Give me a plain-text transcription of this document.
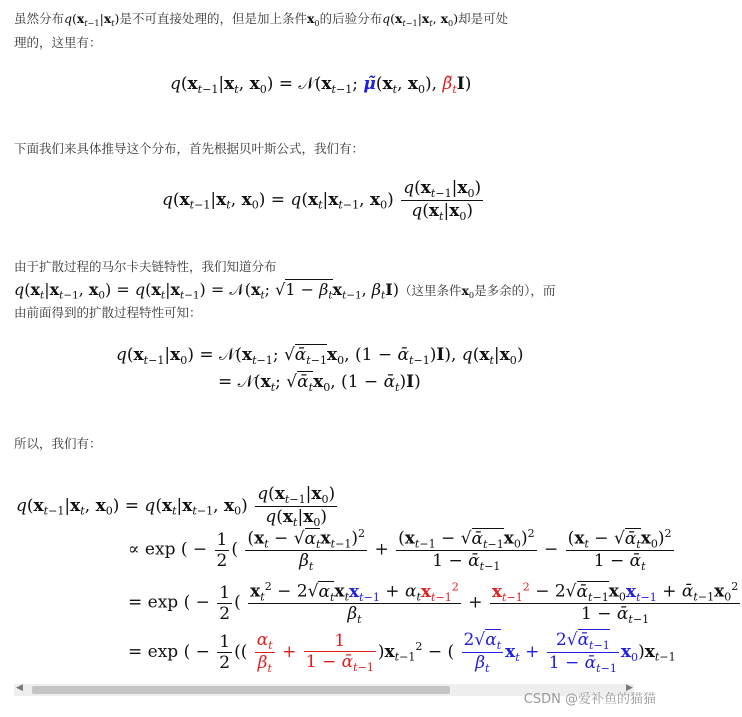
虽然分布$q(x_{t-1}|x_t)$是不可直接处理的，但是加上条件$x_0$的后验分布$q(x_{t-1}|x_t$, $x_0$)却是可处
理的，这里有：
$q(x_{t-1}|x_t$, $x_0$) = $𝒩(x_{t-1}$; $\mũ(x_t$, $x_0$), $\betã_tI$)
下面我们来具体推导这个分布，首先根据贝叶斯公式，我们有：
$q(x_{t-1}|x_t$, $x_0) = q(x_t|x_{t-1}$, $x_0) \frac{q(x_{t-1}|x_0)}{q(x_t|x_0)}$
由于扩散过程的马尔卡夫链特性，我们知道分布
$q(x_t|x_{t-1}$, $x_0) = q(x_t|x_{t-1})$ = $𝒩(x_t$; $√1 - \beta_tx_{t-1}$, $\beta_tI$)（这里条件$x_0$是多余的），而
由前面得到的扩散过程特性可知：
$q(x_{t-1}|x_0)$ = $𝒩(x_{t-1}$; $√ᾱ_{t-1}x_0$, (1 − ᾱ$_{t-1}$)I), $q(x_t|x_0)$
= $𝒩(x_t$; $√ᾱ_tx_0$, (1 − ᾱ$_t$)I)
所以，我们有：
$q(x_{t-1}|x_t$, $x_0) = q(x_t|x_{t-1}$, $x_0) \frac{q(x_{t-1}|x_0)}{q(x_t|x_0)}$
∝ exp ( − $\frac{1}{2}$ ( $\frac{(x_t - √\alpha_tx_{t-1})^2}{\beta_t} + \frac{(x_{t-1} - √ᾱ_{t-1}x_0)^2}{1 - ᾱ_{t-1}} - \frac{(x_t - √ᾱ_tx_0)^2}{1 - ᾱ_t}$
= exp ( − $\frac{1}{2}$ ( $\frac{x_t^2 - 2√\alpha_tx_tx_{t-1} + \alpha_tx_{t-1}^2}{\beta_t} + \frac{x_{t-1}^2 - 2√ᾱ_{t-1}x_0x_{t-1} + ᾱ_{t-1}x_0^2}{1 - ᾱ_{t-1}}$
= exp ( − $\frac{1}{2}$ (( $\frac{\alpha_t}{\beta_t} + \frac{1}{1 - ᾱ_{t-1}} )x_{t-1}^2$ − ( $\frac{2√\alpha_t}{\beta_t} x_t + \frac{2√ᾱ_{t-1}}{1 - ᾱ_{t-1}} x_0)x_{t-1}$
◀	▶
CSDN @爱补鱼的猫猫
